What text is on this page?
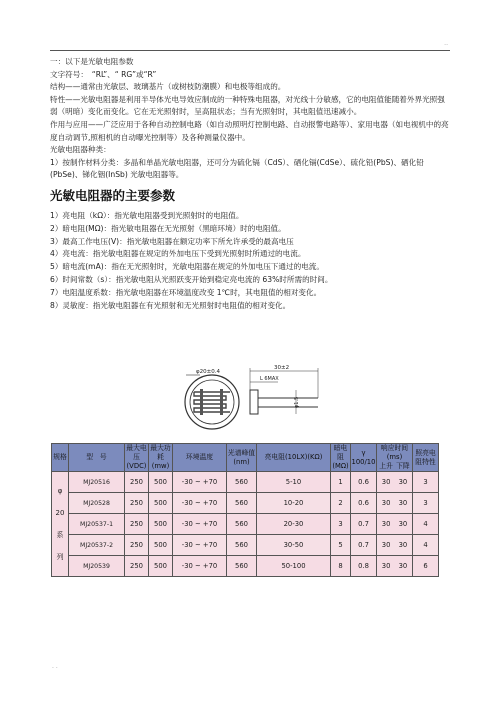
..

一：以下是光敏电阻参数

文字符号：　“RL”、“ RG”或“R”

结构——通常由光敏层、玻璃基片（或树枝防潮膜）和电极等组成的。

特性——光敏电阻器是利用半导体光电导效应制成的一种特殊电阻器，对光线十分敏感，它的电阻值能随着外界光照强弱（明暗）变化而变化。它在无光照射时，呈高阻状态；当有光照射时，其电阻值迅速减小。

作用与应用——广泛应用于各种自动控制电路（如自动照明灯控制电路、自动报警电路等）、家用电器（如电视机中的亮度自动调节,照相机的自动曝光控制等）及各种测量仪器中。

光敏电阻器种类：

1）按制作材料分类：多晶和单晶光敏电阻器，还可分为硫化镉（CdS）、硒化镉(CdSe）、硫化铅(PbS)、硒化铅(PbSe)、锑化铟(InSb) 光敏电阻器等。

光敏电阻器的主要参数

1）亮电阻（kΩ）：指光敏电阻器受到光照射时的电阻值。

2）暗电阻(MΩ)：指光敏电阻器在无光照射（黑暗环境）时的电阻值。

3）最高工作电压(V)：指光敏电阻器在额定功率下所允许承受的最高电压

4）亮电流：指光敏电阻器在规定的外加电压下受到光照射时所通过的电流。

5）暗电流(mA)：指在无光照射时，光敏电阻器在规定的外加电压下通过的电流。

6）时间常数（s）：指光敏电阻从光照跃变开始到稳定亮电流的 63%时所需的时间。

7）电阻温度系数：指光敏电阻器在环境温度改变 1℃时，其电阻值的相对变化。

8）灵敏度：指光敏电阻器在有光照射和无光照射时电阻值的相对变化。

φ20±0.4
30±2
L 6MAX
φ1.5
规格	型　号	最大电压(VDC)	最大功耗(mw)	环境温度	光谱峰值(nm)	亮电阻(10LX)(KΩ)	暗电阻(MΩ)	γ 100/10	响应时间(ms)
上升 下降	照亮电阻特性

φ
20
系
列	MJ20516	250	500	-30 ~ +70	560	5-10	1	0.6	30 30	3
	MJ20528	250	500	-30 ~ +70	560	10-20	2	0.6	30 30	3
	MJ20537-1	250	500	-30 ~ +70	560	20-30	3	0.7	30 30	4
	MJ20537-2	250	500	-30 ~ +70	560	30-50	5	0.7	30 30	4
	MJ20539	250	500	-30 ~ +70	560	50-100	8	0.8	30 30	6
. .
